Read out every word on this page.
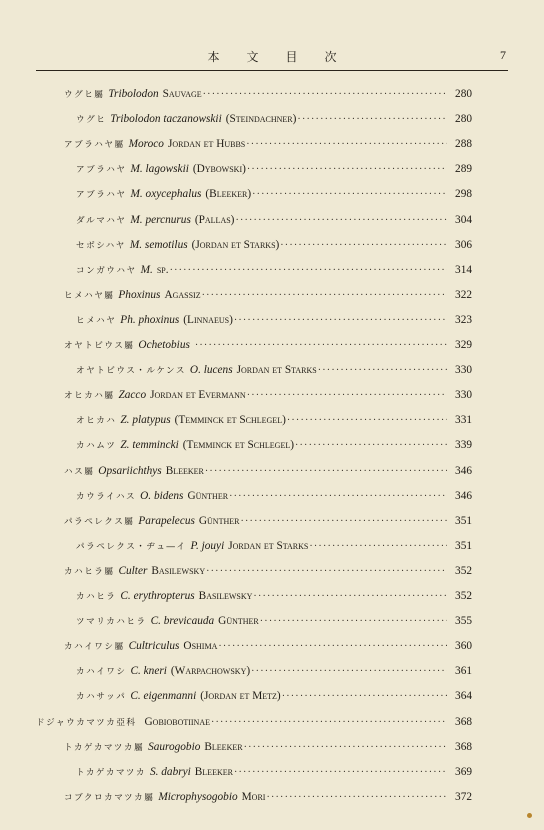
本 文 目 次	7
ウグヒ屬 Tribolodon Sauvage ·····	280
ウグヒ Tribolodon taczanowskii (Steindachner) ·····	280
アブラハヤ屬 Moroco Jordan et Hubbs ·····	288
アブラハヤ M. lagowskii (Dybowski) ·····	289
アブラハヤ M. oxycephalus (Bleeker) ·····	298
ダルマハヤ M. percnurus (Pallas) ·····	304
セボシハヤ M. semotilus (Jordan et Starks) ·····	306
コンガウハヤ M. sp. ·····	314
ヒメハヤ屬 Phoxinus Agassiz ·····	322
ヒメハヤ Ph. phoxinus (Linnaeus) ·····	323
オヤトビウス屬 Ochetobius ·····	329
オヤトビウス・ルケンス O. lucens Jordan et Starks ·····	330
オヒカハ屬 Zacco Jordan et Evermann ·····	330
オヒカハ Z. platypus (Temminck et Schlegel) ·····	331
カハムツ Z. temmincki (Temminck et Schlegel) ·····	339
ハス屬 Opsariichthys Bleeker ·····	346
カウライハス O. bidens Günther ·····	346
パラペレクス屬 Parapelecus Günther ·····	351
パラペレクス・ヂュ―イ P. jouyi Jordan et Starks ·····	351
カハヒラ屬 Culter Basilewsky ·····	352
カハヒラ C. erythropterus Basilewsky ·····	352
ツマリカハヒラ C. brevicauda Günther ·····	355
カハイワシ屬 Cultriculus Oshima ·····	360
カハイワシ C. kneri (Warpachowsky) ·····	361
カハサッパ C. eigenmanni (Jordan et Metz) ·····	364
ドジャウカマツカ亞科 Gobiobotiinae ·····	368
トカゲカマツカ屬 Saurogobio Bleeker ·····	368
トカゲカマツカ S. dabryi Bleeker ·····	369
コブクロカマツカ屬 Microphysogobio Mori ·····	372
